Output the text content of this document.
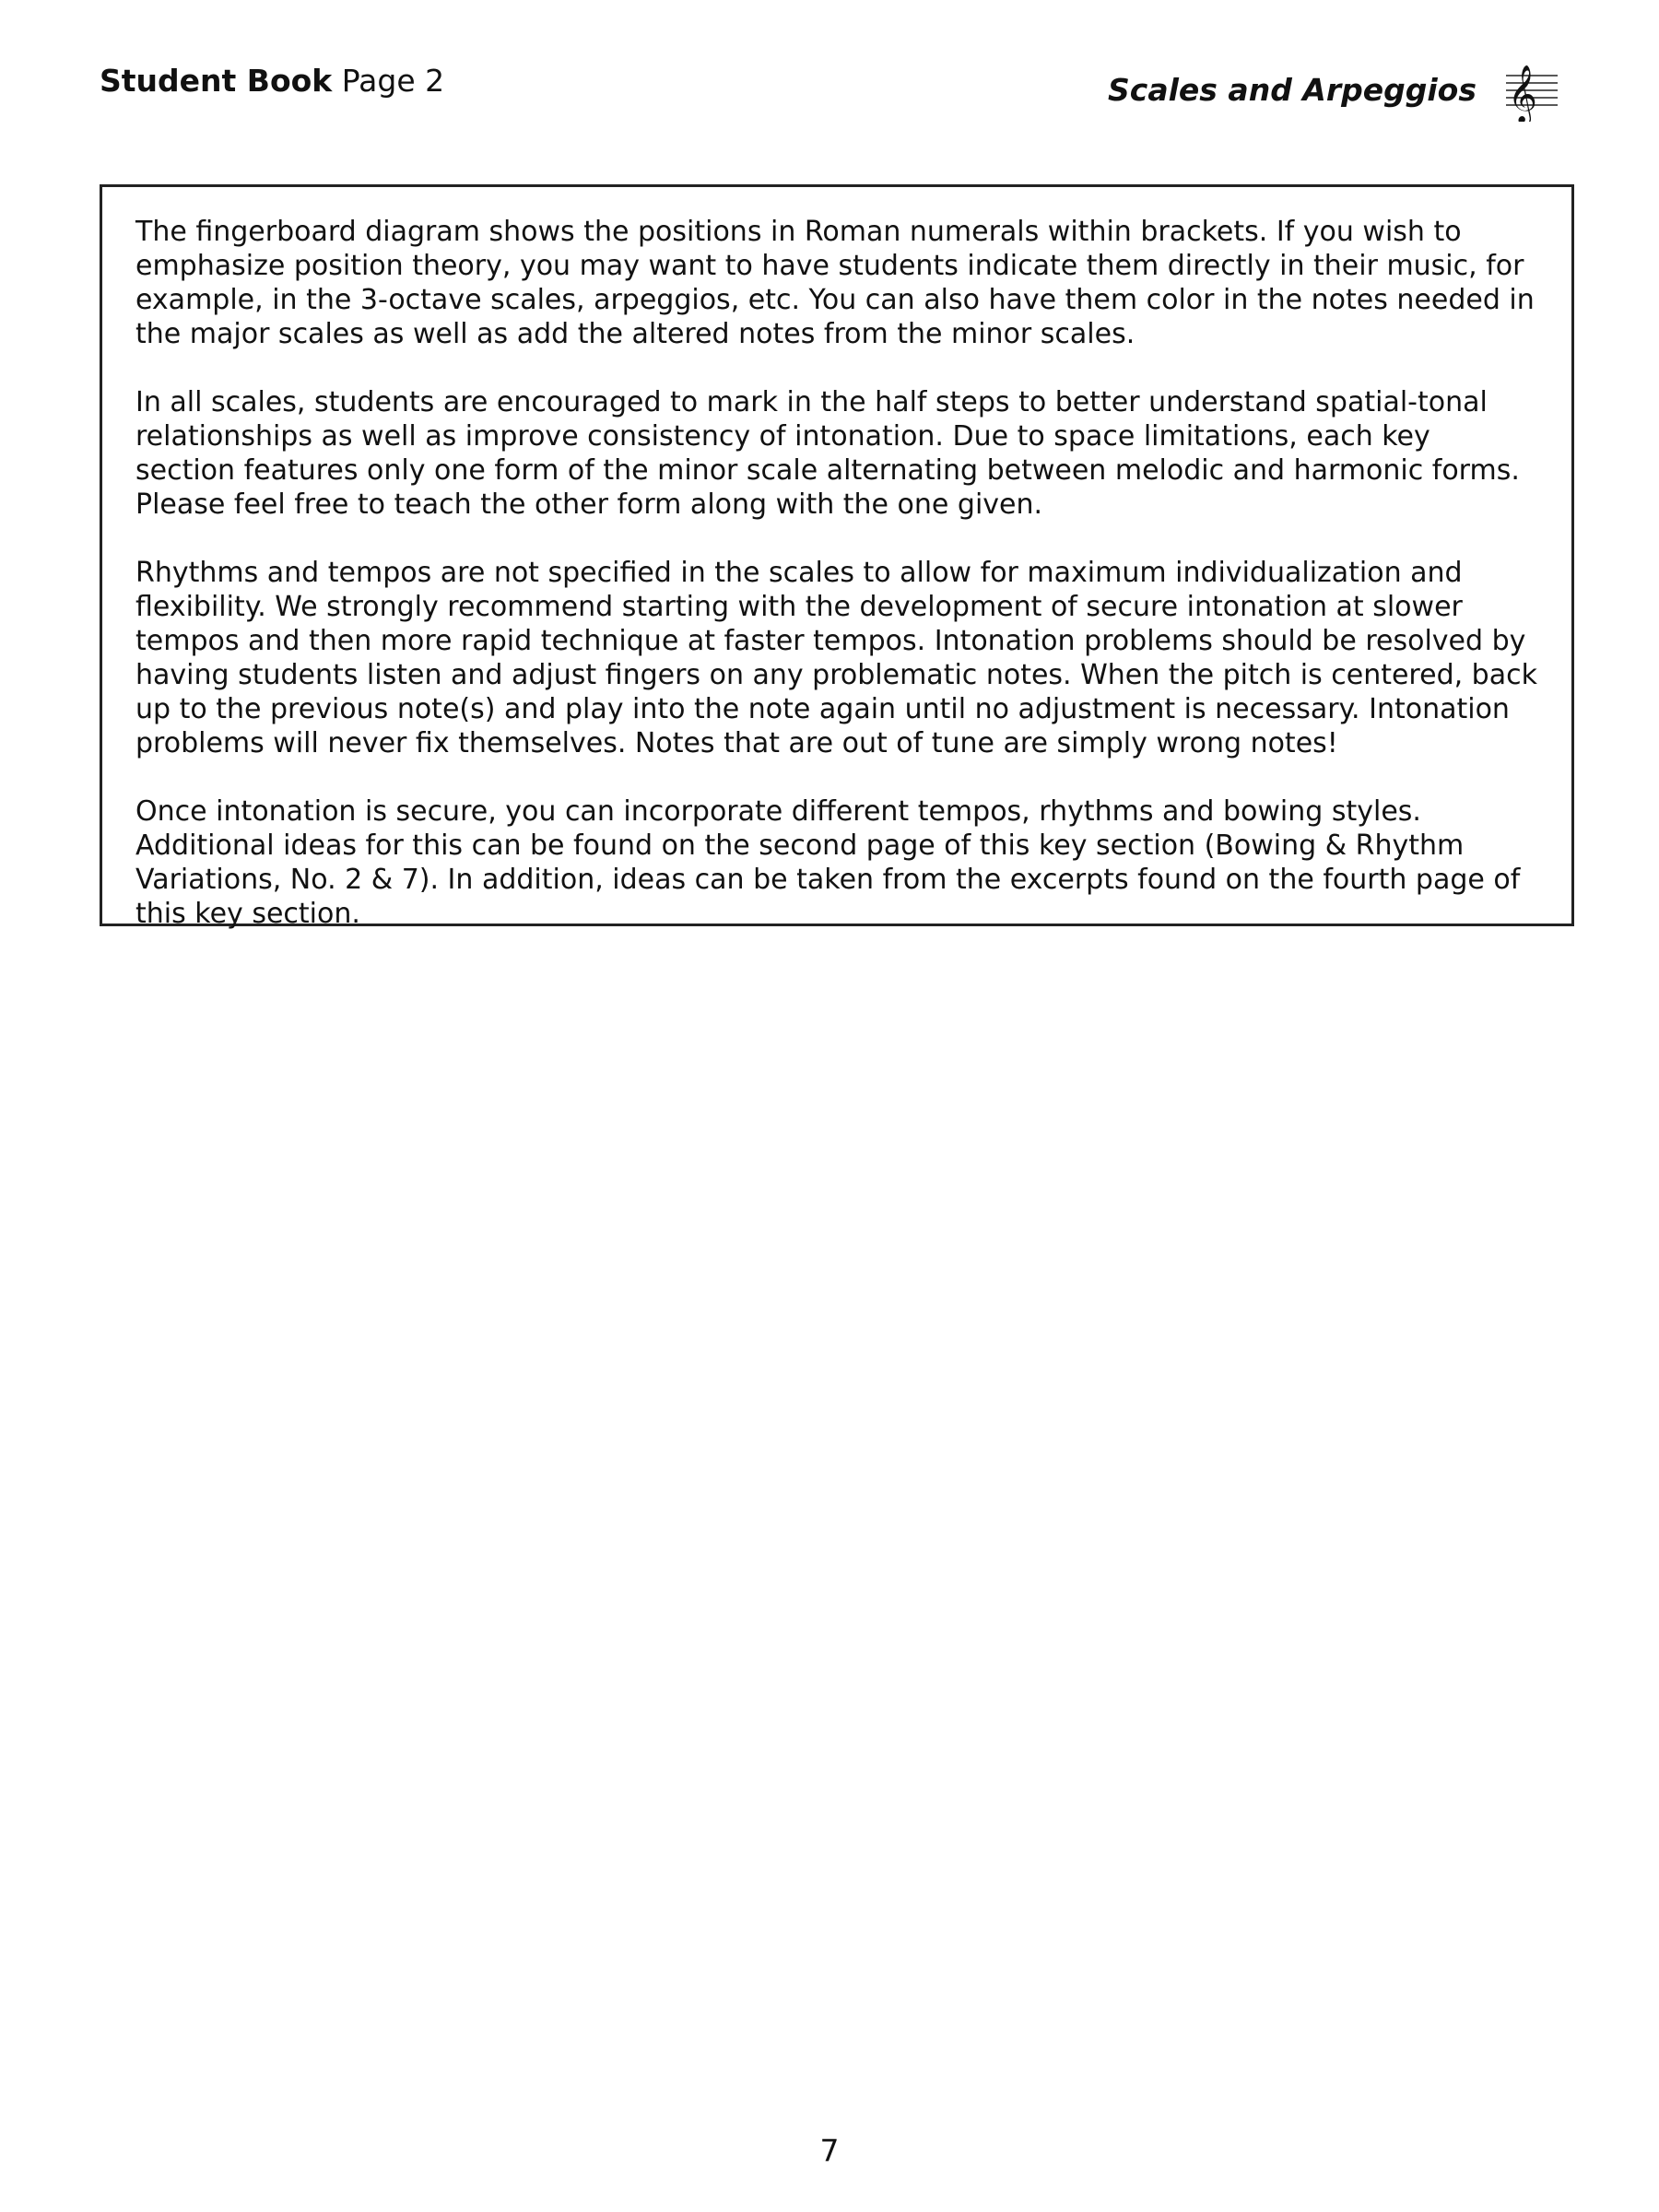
Student Book Page 2	Scales and Arpeggios 𝄞

The fingerboard diagram shows the positions in Roman numerals within brackets. If you wish to emphasize position theory, you may want to have students indicate them directly in their music, for example, in the 3-octave scales, arpeggios, etc. You can also have them color in the notes needed in the major scales as well as add the altered notes from the minor scales.

In all scales, students are encouraged to mark in the half steps to better understand spatial-tonal relationships as well as improve consistency of intonation. Due to space limitations, each key section features only one form of the minor scale alternating between melodic and harmonic forms. Please feel free to teach the other form along with the one given.

Rhythms and tempos are not specified in the scales to allow for maximum individualization and flexibility. We strongly recommend starting with the development of secure intonation at slower tempos and then more rapid technique at faster tempos. Intonation problems should be resolved by having students listen and adjust fingers on any problematic notes. When the pitch is centered, back up to the previous note(s) and play into the note again until no adjustment is necessary. Intonation problems will never fix themselves. Notes that are out of tune are simply wrong notes!

Once intonation is secure, you can incorporate different tempos, rhythms and bowing styles. Additional ideas for this can be found on the second page of this key section (Bowing & Rhythm Variations, No. 2 & 7). In addition, ideas can be taken from the excerpts found on the fourth page of this key section.

7
